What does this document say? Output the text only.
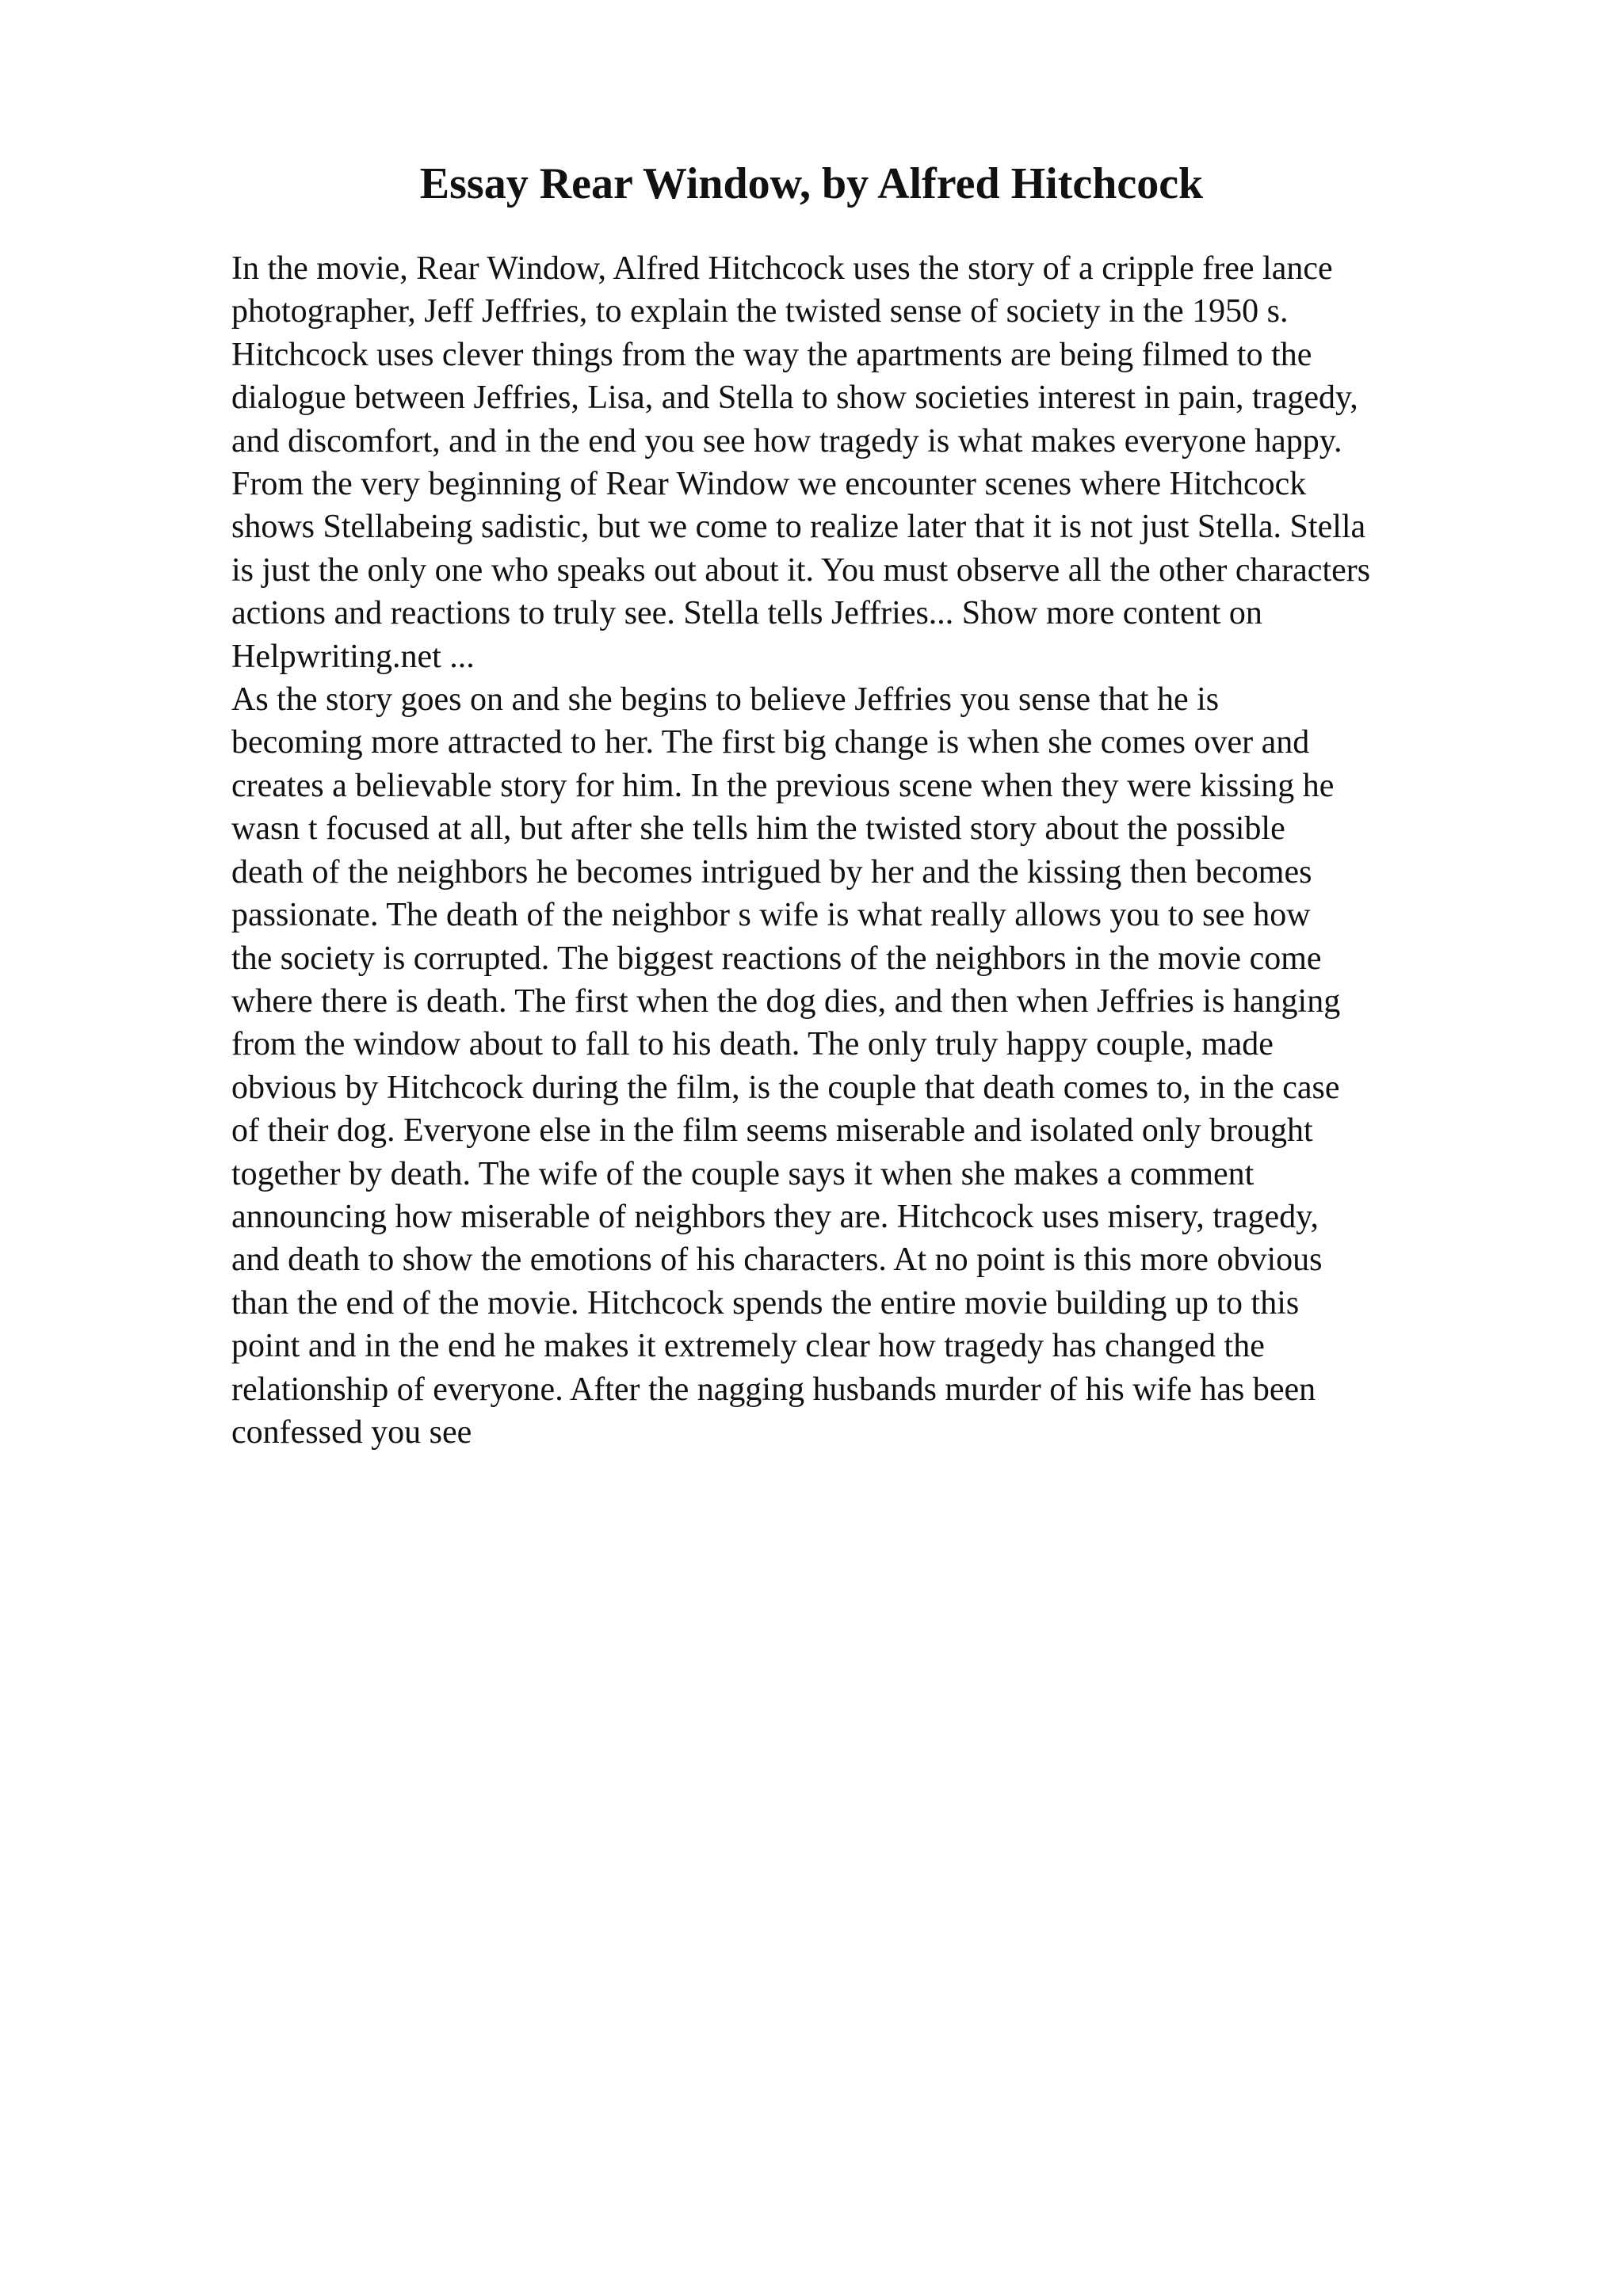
Essay Rear Window, by Alfred Hitchcock
In the movie, Rear Window, Alfred Hitchcock uses the story of a cripple free lance
photographer, Jeff Jeffries, to explain the twisted sense of society in the 1950 s.
Hitchcock uses clever things from the way the apartments are being filmed to the
dialogue between Jeffries, Lisa, and Stella to show societies interest in pain, tragedy,
and discomfort, and in the end you see how tragedy is what makes everyone happy.
From the very beginning of Rear Window we encounter scenes where Hitchcock
shows Stellabeing sadistic, but we come to realize later that it is not just Stella. Stella
is just the only one who speaks out about it. You must observe all the other characters
actions and reactions to truly see. Stella tells Jeffries... Show more content on
Helpwriting.net ...
As the story goes on and she begins to believe Jeffries you sense that he is
becoming more attracted to her. The first big change is when she comes over and
creates a believable story for him. In the previous scene when they were kissing he
wasn t focused at all, but after she tells him the twisted story about the possible
death of the neighbors he becomes intrigued by her and the kissing then becomes
passionate. The death of the neighbor s wife is what really allows you to see how
the society is corrupted. The biggest reactions of the neighbors in the movie come
where there is death. The first when the dog dies, and then when Jeffries is hanging
from the window about to fall to his death. The only truly happy couple, made
obvious by Hitchcock during the film, is the couple that death comes to, in the case
of their dog. Everyone else in the film seems miserable and isolated only brought
together by death. The wife of the couple says it when she makes a comment
announcing how miserable of neighbors they are. Hitchcock uses misery, tragedy,
and death to show the emotions of his characters. At no point is this more obvious
than the end of the movie. Hitchcock spends the entire movie building up to this
point and in the end he makes it extremely clear how tragedy has changed the
relationship of everyone. After the nagging husbands murder of his wife has been
confessed you see
